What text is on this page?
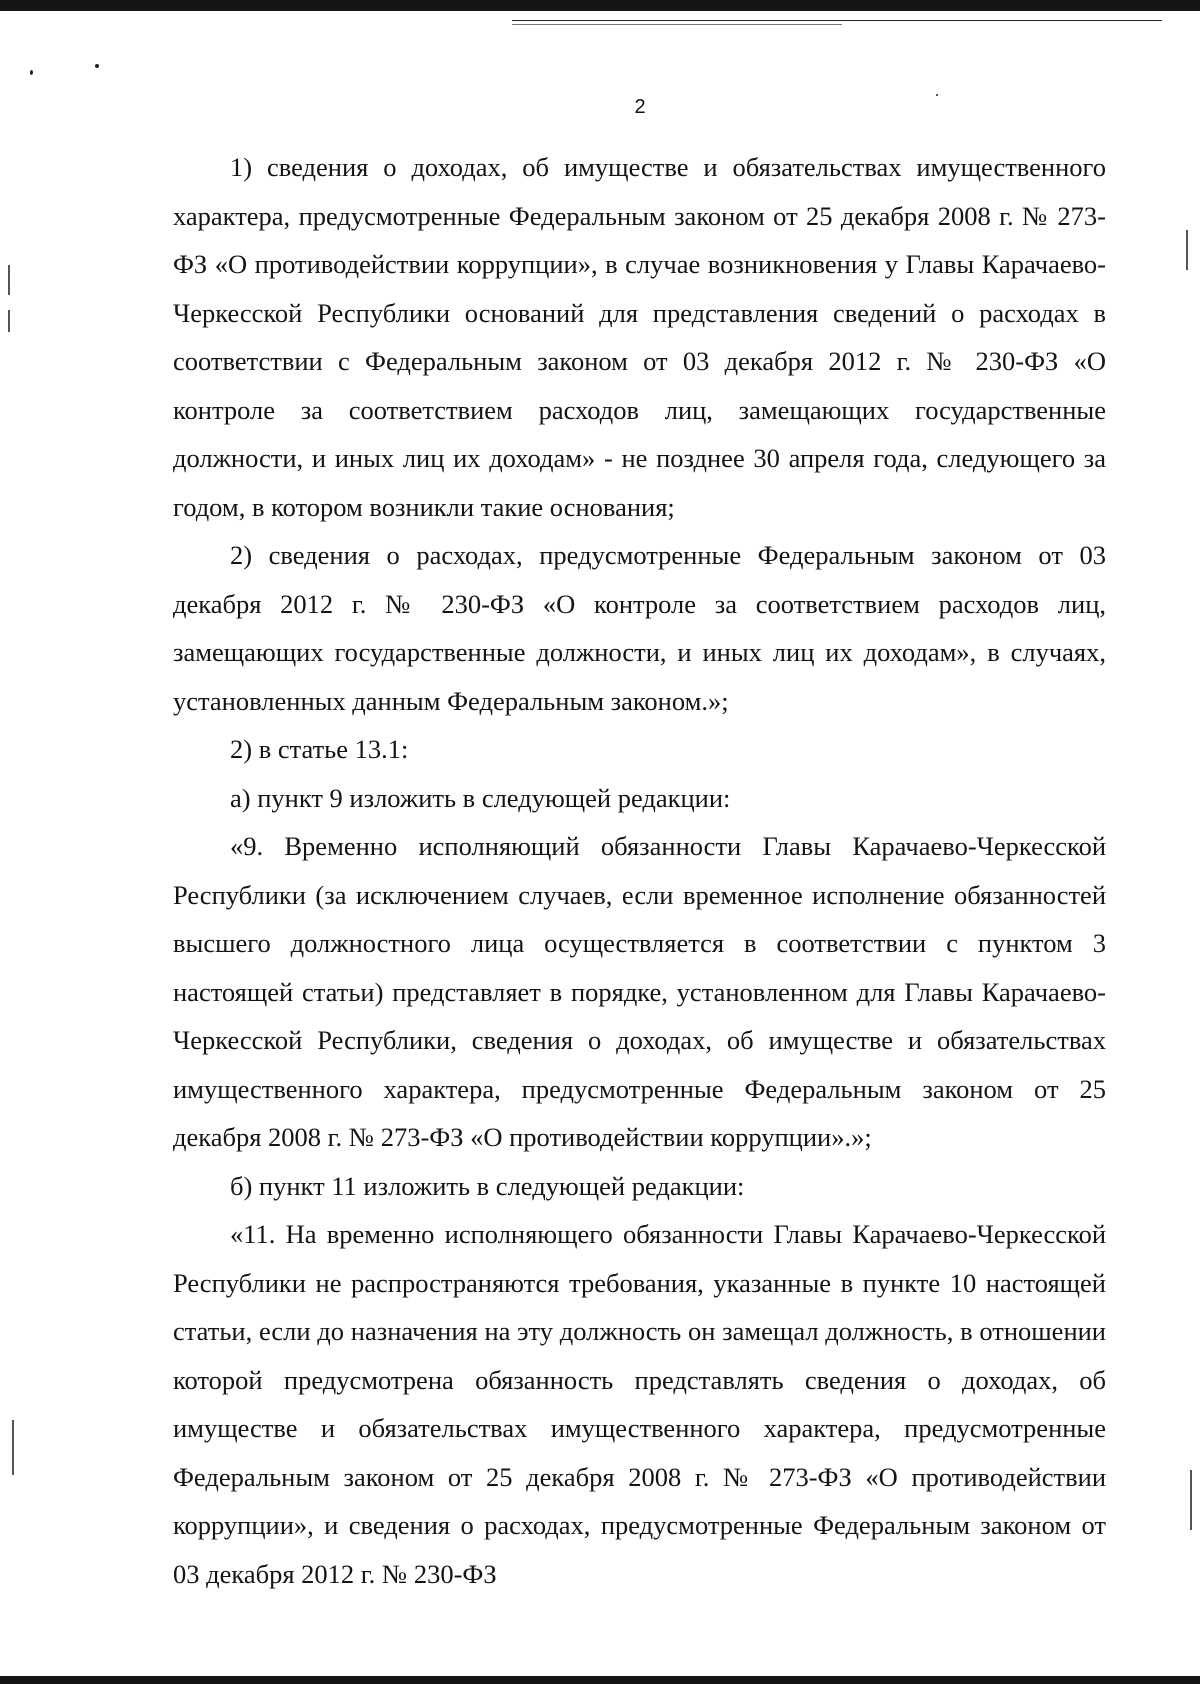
2

1) сведения о доходах, об имуществе и обязательствах имущественного характера, предусмотренные Федеральным законом от 25 декабря 2008 г. № 273-ФЗ «О противодействии коррупции», в случае возникновения у Главы Карачаево-Черкесской Республики оснований для представления сведений о расходах в соответствии с Федеральным законом от 03 декабря 2012 г. № 230-ФЗ «О контроле за соответствием расходов лиц, замещающих государственные должности, и иных лиц их доходам» - не позднее 30 апреля года, следующего за годом, в котором возникли такие основания;

2) сведения о расходах, предусмотренные Федеральным законом от 03 декабря 2012 г. № 230-ФЗ «О контроле за соответствием расходов лиц, замещающих государственные должности, и иных лиц их доходам», в случаях, установленных данным Федеральным законом.»;

2) в статье 13.1:

а) пункт 9 изложить в следующей редакции:

«9. Временно исполняющий обязанности Главы Карачаево-Черкесской Республики (за исключением случаев, если временное исполнение обязанностей высшего должностного лица осуществляется в соответствии с пунктом 3 настоящей статьи) представляет в порядке, установленном для Главы Карачаево-Черкесской Республики, сведения о доходах, об имуществе и обязательствах имущественного характера, предусмотренные Федеральным законом от 25 декабря 2008 г. № 273-ФЗ «О противодействии коррупции».»;

б) пункт 11 изложить в следующей редакции:

«11. На временно исполняющего обязанности Главы Карачаево-Черкесской Республики не распространяются требования, указанные в пункте 10 настоящей статьи, если до назначения на эту должность он замещал должность, в отношении которой предусмотрена обязанность представлять сведения о доходах, об имуществе и обязательствах имущественного характера, предусмотренные Федеральным законом от 25 декабря 2008 г. № 273-ФЗ «О противодействии коррупции», и сведения о расходах, предусмотренные Федеральным законом от 03 декабря 2012 г. № 230-ФЗ
